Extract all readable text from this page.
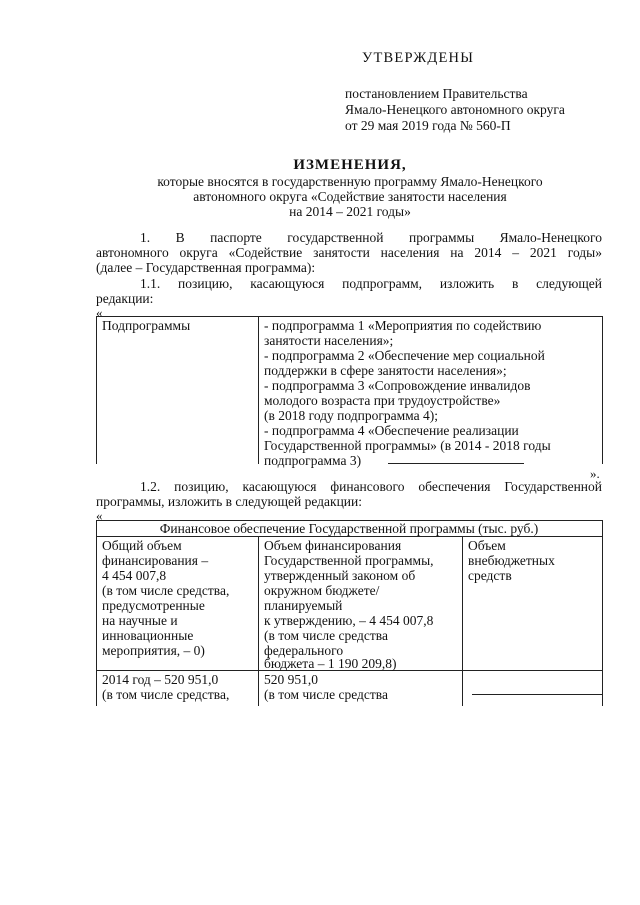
УТВЕРЖДЕНЫ
постановлением Правительства
Ямало-Ненецкого автономного округа
от 29 мая 2019 года № 560-П
ИЗМЕНЕНИЯ,
которые вносятся в государственную программу Ямало-Ненецкого
автономного округа «Содействие занятости населения
на 2014 – 2021 годы»
1. В паспорте государственной программы Ямало-Ненецкого
автономного округа «Содействие занятости населения на 2014 – 2021 годы»
(далее – Государственная программа):
1.1. позицию, касающуюся подпрограмм, изложить в следующей
редакции:
«
Подпрограммы	- подпрограмма 1 «Мероприятия по содействию
занятости населения»;
- подпрограмма 2 «Обеспечение мер социальной
поддержки в сфере занятости населения»;
- подпрограмма 3 «Сопровождение инвалидов
молодого возраста при трудоустройстве»
(в 2018 году подпрограмма 4);
- подпрограмма 4 «Обеспечение реализации
Государственной программы» (в 2014 - 2018 годы
подпрограмма 3)
».
1.2. позицию, касающуюся финансового обеспечения Государственной
программы, изложить в следующей редакции:
«
Финансовое обеспечение Государственной программы (тыс. руб.)
Общий объем
финансирования –
4 454 007,8
(в том числе средства,
предусмотренные
на научные и
инновационные
мероприятия, – 0)
Объем финансирования
Государственной программы,
утвержденный законом об
окружном бюджете/
планируемый
к утверждению, – 4 454 007,8
(в том числе средства
федерального
бюджета – 1 190 209,8)
Объем
внебюджетных
средств
2014 год – 520 951,0
(в том числе средства,
520 951,0
(в том числе средства
